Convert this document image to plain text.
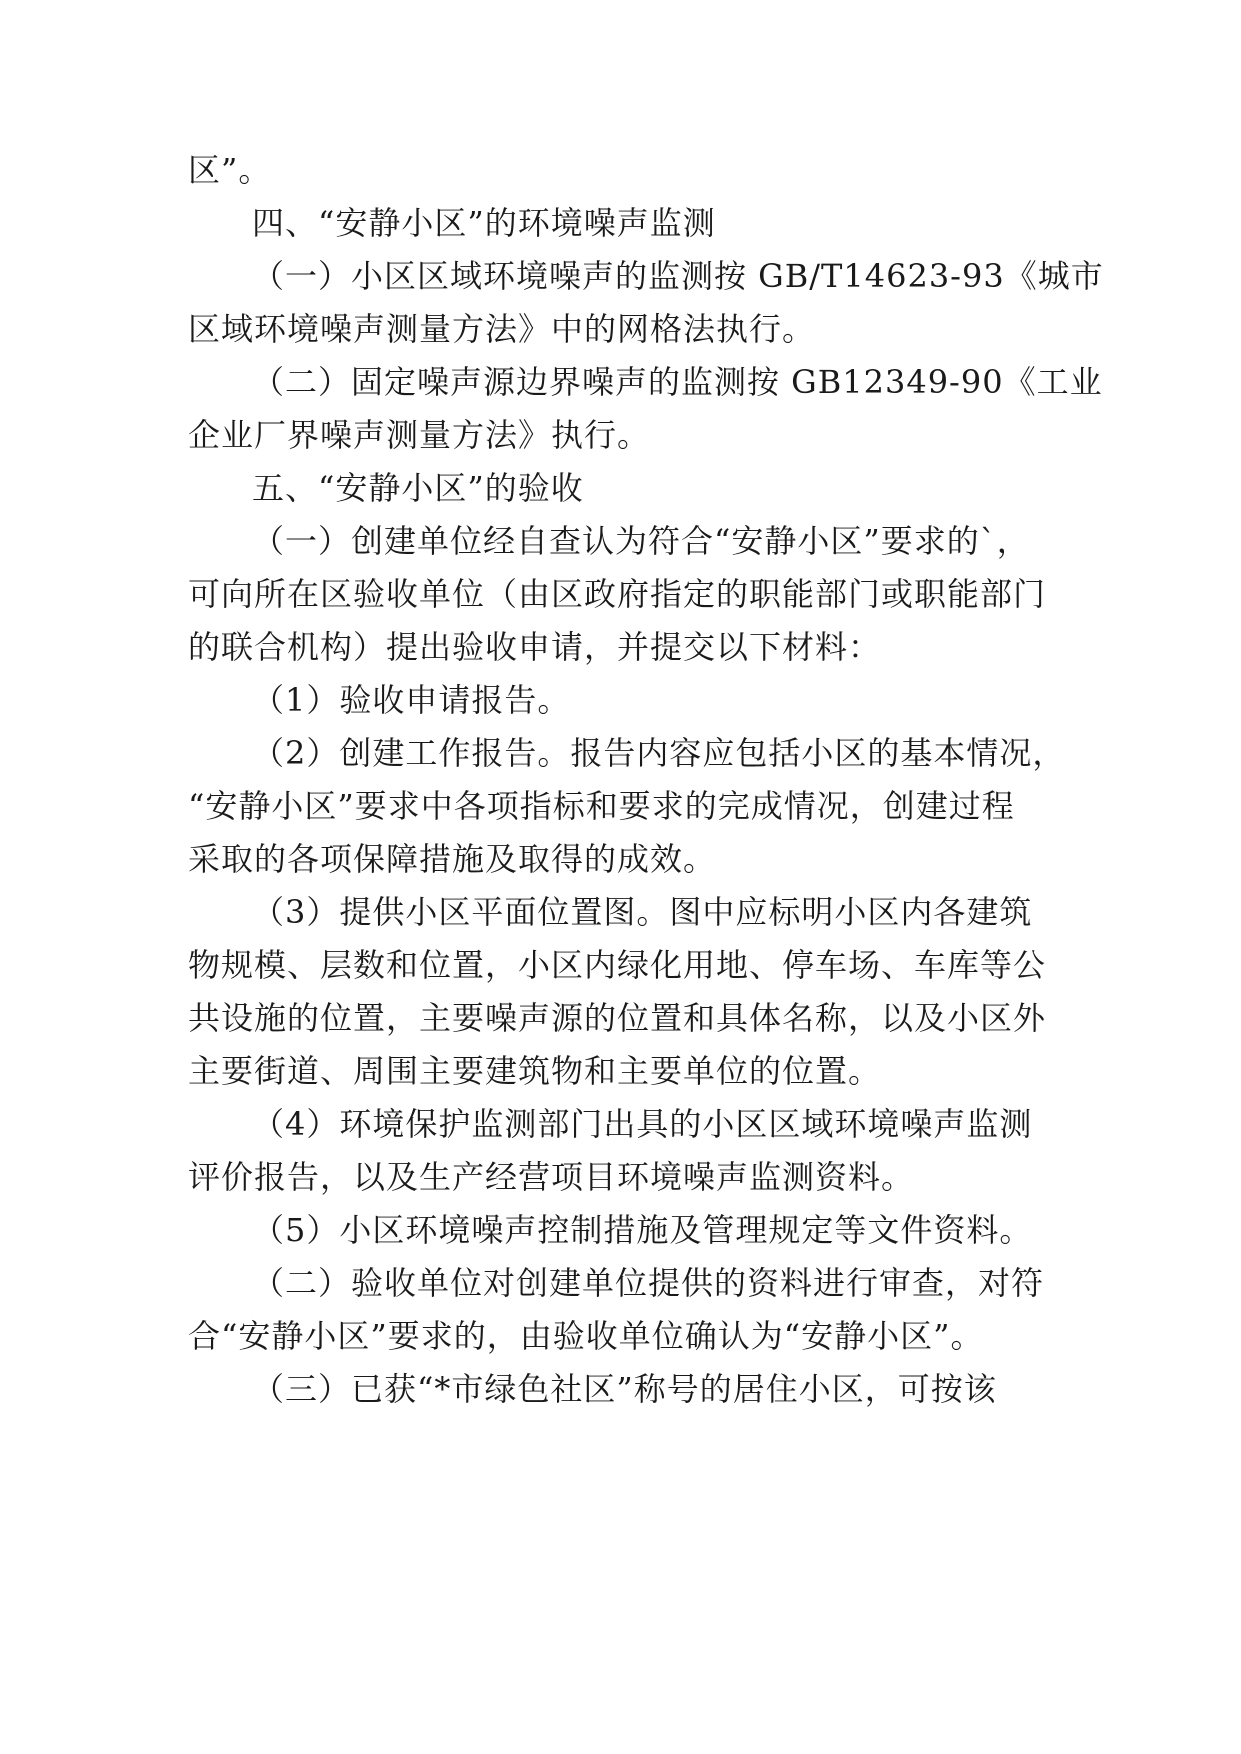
区”。
四、“安静小区”的环境噪声监测
（一）小区区域环境噪声的监测按 GB/T14623-93《城市
区域环境噪声测量方法》中的网格法执行。
（二）固定噪声源边界噪声的监测按 GB12349-90《工业
企业厂界噪声测量方法》执行。
五、“安静小区”的验收
（一）创建单位经自查认为符合“安静小区”要求的`，
可向所在区验收单位（由区政府指定的职能部门或职能部门
的联合机构）提出验收申请，并提交以下材料：
（1）验收申请报告。
（2）创建工作报告。报告内容应包括小区的基本情况，
“安静小区”要求中各项指标和要求的完成情况，创建过程
采取的各项保障措施及取得的成效。
（3）提供小区平面位置图。图中应标明小区内各建筑
物规模、层数和位置，小区内绿化用地、停车场、车库等公
共设施的位置，主要噪声源的位置和具体名称，以及小区外
主要街道、周围主要建筑物和主要单位的位置。
（4）环境保护监测部门出具的小区区域环境噪声监测
评价报告，以及生产经营项目环境噪声监测资料。
（5）小区环境噪声控制措施及管理规定等文件资料。
（二）验收单位对创建单位提供的资料进行审查，对符
合“安静小区”要求的，由验收单位确认为“安静小区”。
（三）已获“*市绿色社区”称号的居住小区，可按该
